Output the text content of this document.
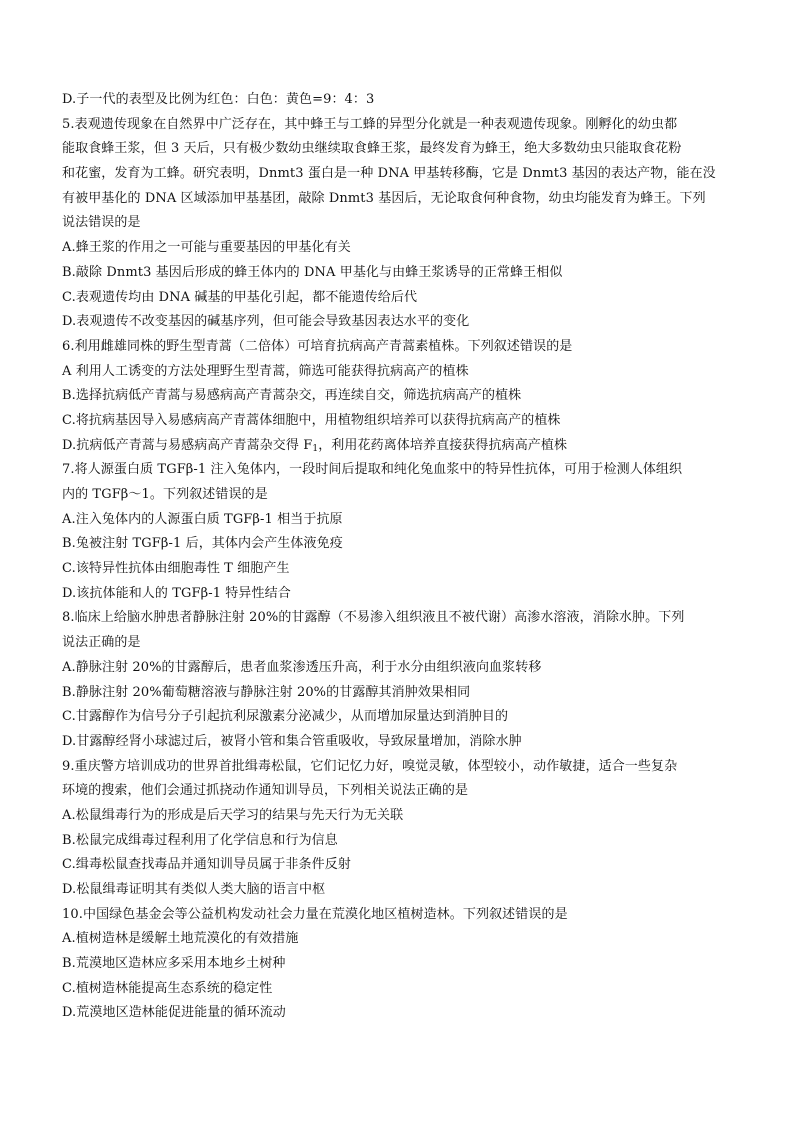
D.子一代的表型及比例为红色：白色：黄色=9：4：3
5.表观遗传现象在自然界中广泛存在，其中蜂王与工蜂的异型分化就是一种表观遗传现象。刚孵化的幼虫都
能取食蜂王浆，但 3 天后，只有极少数幼虫继续取食蜂王浆，最终发育为蜂王，绝大多数幼虫只能取食花粉
和花蜜，发育为工蜂。研究表明，Dnmt3 蛋白是一种 DNA 甲基转移酶，它是 Dnmt3 基因的表达产物，能在没
有被甲基化的 DNA 区域添加甲基基团，敲除 Dnmt3 基因后，无论取食何种食物，幼虫均能发育为蜂王。下列
说法错误的是
A.蜂王浆的作用之一可能与重要基因的甲基化有关
B.敲除 Dnmt3 基因后形成的蜂王体内的 DNA 甲基化与由蜂王浆诱导的正常蜂王相似
C.表观遗传均由 DNA 碱基的甲基化引起，都不能遗传给后代
D.表观遗传不改变基因的碱基序列，但可能会导致基因表达水平的变化
6.利用雌雄同株的野生型青蒿（二倍体）可培育抗病高产青蒿素植株。下列叙述错误的是
A 利用人工诱变的方法处理野生型青蒿，筛选可能获得抗病高产的植株
B.选择抗病低产青蒿与易感病高产青蒿杂交，再连续自交，筛选抗病高产的植株
C.将抗病基因导入易感病高产青蒿体细胞中，用植物组织培养可以获得抗病高产的植株
D.抗病低产青蒿与易感病高产青蒿杂交得 $F_1$，利用花药离体培养直接获得抗病高产植株
7.将人源蛋白质 TGFβ-1 注入兔体内，一段时间后提取和纯化兔血浆中的特异性抗体，可用于检测人体组织
内的 TGFβ～1。下列叙述错误的是
A.注入兔体内的人源蛋白质 TGFβ-1 相当于抗原
B.兔被注射 TGFβ-1 后，其体内会产生体液免疫
C.该特异性抗体由细胞毒性 T 细胞产生
D.该抗体能和人的 TGFβ-1 特异性结合
8.临床上给脑水肿患者静脉注射 20%的甘露醇（不易渗入组织液且不被代谢）高渗水溶液，消除水肿。下列
说法正确的是
A.静脉注射 20%的甘露醇后，患者血浆渗透压升高，利于水分由组织液向血浆转移
B.静脉注射 20%葡萄糖溶液与静脉注射 20%的甘露醇其消肿效果相同
C.甘露醇作为信号分子引起抗利尿激素分泌减少，从而增加尿量达到消肿目的
D.甘露醇经肾小球滤过后，被肾小管和集合管重吸收，导致尿量增加，消除水肿
9.重庆警方培训成功的世界首批缉毒松鼠，它们记忆力好，嗅觉灵敏，体型较小，动作敏捷，适合一些复杂
环境的搜索，他们会通过抓挠动作通知训导员，下列相关说法正确的是
A.松鼠缉毒行为的形成是后天学习的结果与先天行为无关联
B.松鼠完成缉毒过程利用了化学信息和行为信息
C.缉毒松鼠查找毒品并通知训导员属于非条件反射
D.松鼠缉毒证明其有类似人类大脑的语言中枢
10.中国绿色基金会等公益机构发动社会力量在荒漠化地区植树造林。下列叙述错误的是
A.植树造林是缓解土地荒漠化的有效措施
B.荒漠地区造林应多采用本地乡土树种
C.植树造林能提高生态系统的稳定性
D.荒漠地区造林能促进能量的循环流动
